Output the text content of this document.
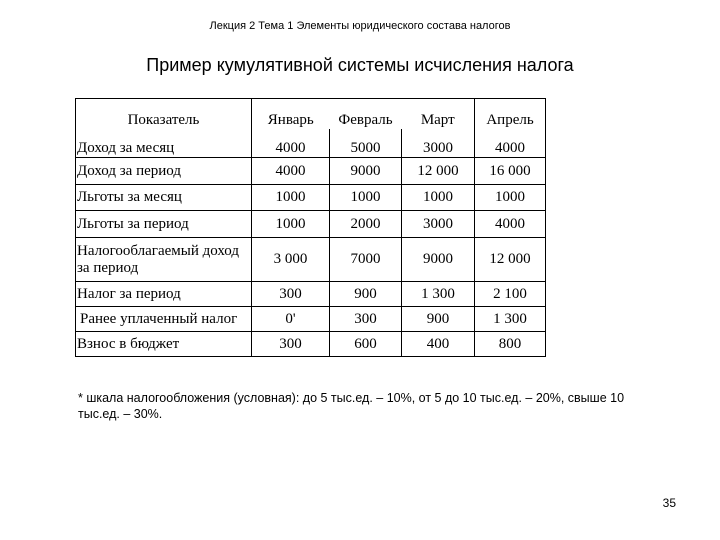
Лекция 2 Тема 1 Элементы юридического состава налогов
Пример кумулятивной системы исчисления налога
Показатель	Январь	Февраль	Март	Апрель
Доход за месяц	4000	5000	3000	4000
Доход за период	4000	9000	12 000	16 000
Льготы за месяц	1000	1000	1000	1000
Льготы за период	1000	2000	3000	4000
Налогооблагаемый доход за период	3 000	7000	9000	12 000
Налог за период	300	900	1 300	2 100
Ранее уплаченный налог	0'	300	900	1 300
Взнос в бюджет	300	600	400	800
* шкала налогообложения (условная): до 5 тыс.ед. – 10%, от 5 до 10 тыс.ед. – 20%, свыше 10 тыс.ед. – 30%.
35
